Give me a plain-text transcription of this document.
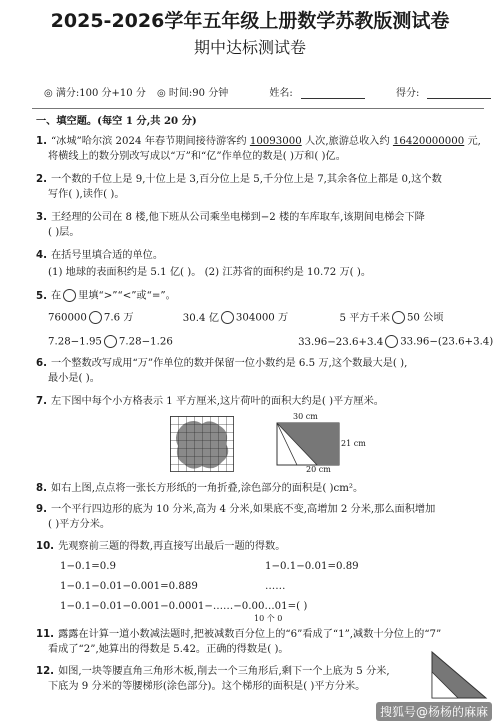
2025-2026学年五年级上册数学苏教版测试卷
期中达标测试卷
◎ 满分:100 分+10 分 ◎ 时间:90 分钟	姓名:	得分:
一、填空题。(每空 1 分,共 20 分)
1. “冰城”哈尔滨 2024 年春节期间接待游客约 10093000 人次,旅游总收入约 16420000000 元,
将横线上的数分别改写成以“万”和“亿”作单位的数是( )万和( )亿。
2. 一个数的千位上是 9,十位上是 3,百分位上是 5,千分位上是 7,其余各位上都是 0,这个数
写作( ),读作( )。
3. 王经理的公司在 8 楼,他下班从公司乘坐电梯到−2 楼的车库取车,该期间电梯会下降
( )层。
4. 在括号里填合适的单位。
(1) 地球的表面积约是 5.1 亿( )。 (2) 江苏省的面积约是 10.72 万( )。
5. 在 里填“>”“<”或“=”。
760000 7.6 万	30.4 亿 304000 万	5 平方千米 50 公顷
7.28−1.95 7.28−1.26	33.96−23.6+3.4 33.96−(23.6+3.4)
6. 一个整数改写成用“万”作单位的数并保留一位小数约是 6.5 万,这个数最大是( ),
最小是( )。
7. 左下图中每个小方格表示 1 平方厘米,这片荷叶的面积大约是( )平方厘米。
30 cm
21 cm
20 cm
8. 如右上图,点点将一张长方形纸的一角折叠,涂色部分的面积是( )cm²。
9. 一个平行四边形的底为 10 分米,高为 4 分米,如果底不变,高增加 2 分米,那么面积增加
( )平方分米。
10. 先观察前三题的得数,再直接写出最后一题的得数。
1−0.1=0.9	1−0.1−0.01=0.89
1−0.1−0.01−0.001=0.889	……
1−0.1−0.01−0.001−0.0001−……−0.00…01=( )
10 个 0
11. 露露在计算一道小数减法题时,把被减数百分位上的“6”看成了“1”,减数十分位上的“7”
看成了“2”,她算出的得数是 5.42。正确的得数是( )。
12. 如图,一块等腰直角三角形木板,削去一个三角形后,剩下一个上底为 5 分米,
下底为 9 分米的等腰梯形(涂色部分)。这个梯形的面积是( )平方分米。
搜狐号@杨杨的麻麻
